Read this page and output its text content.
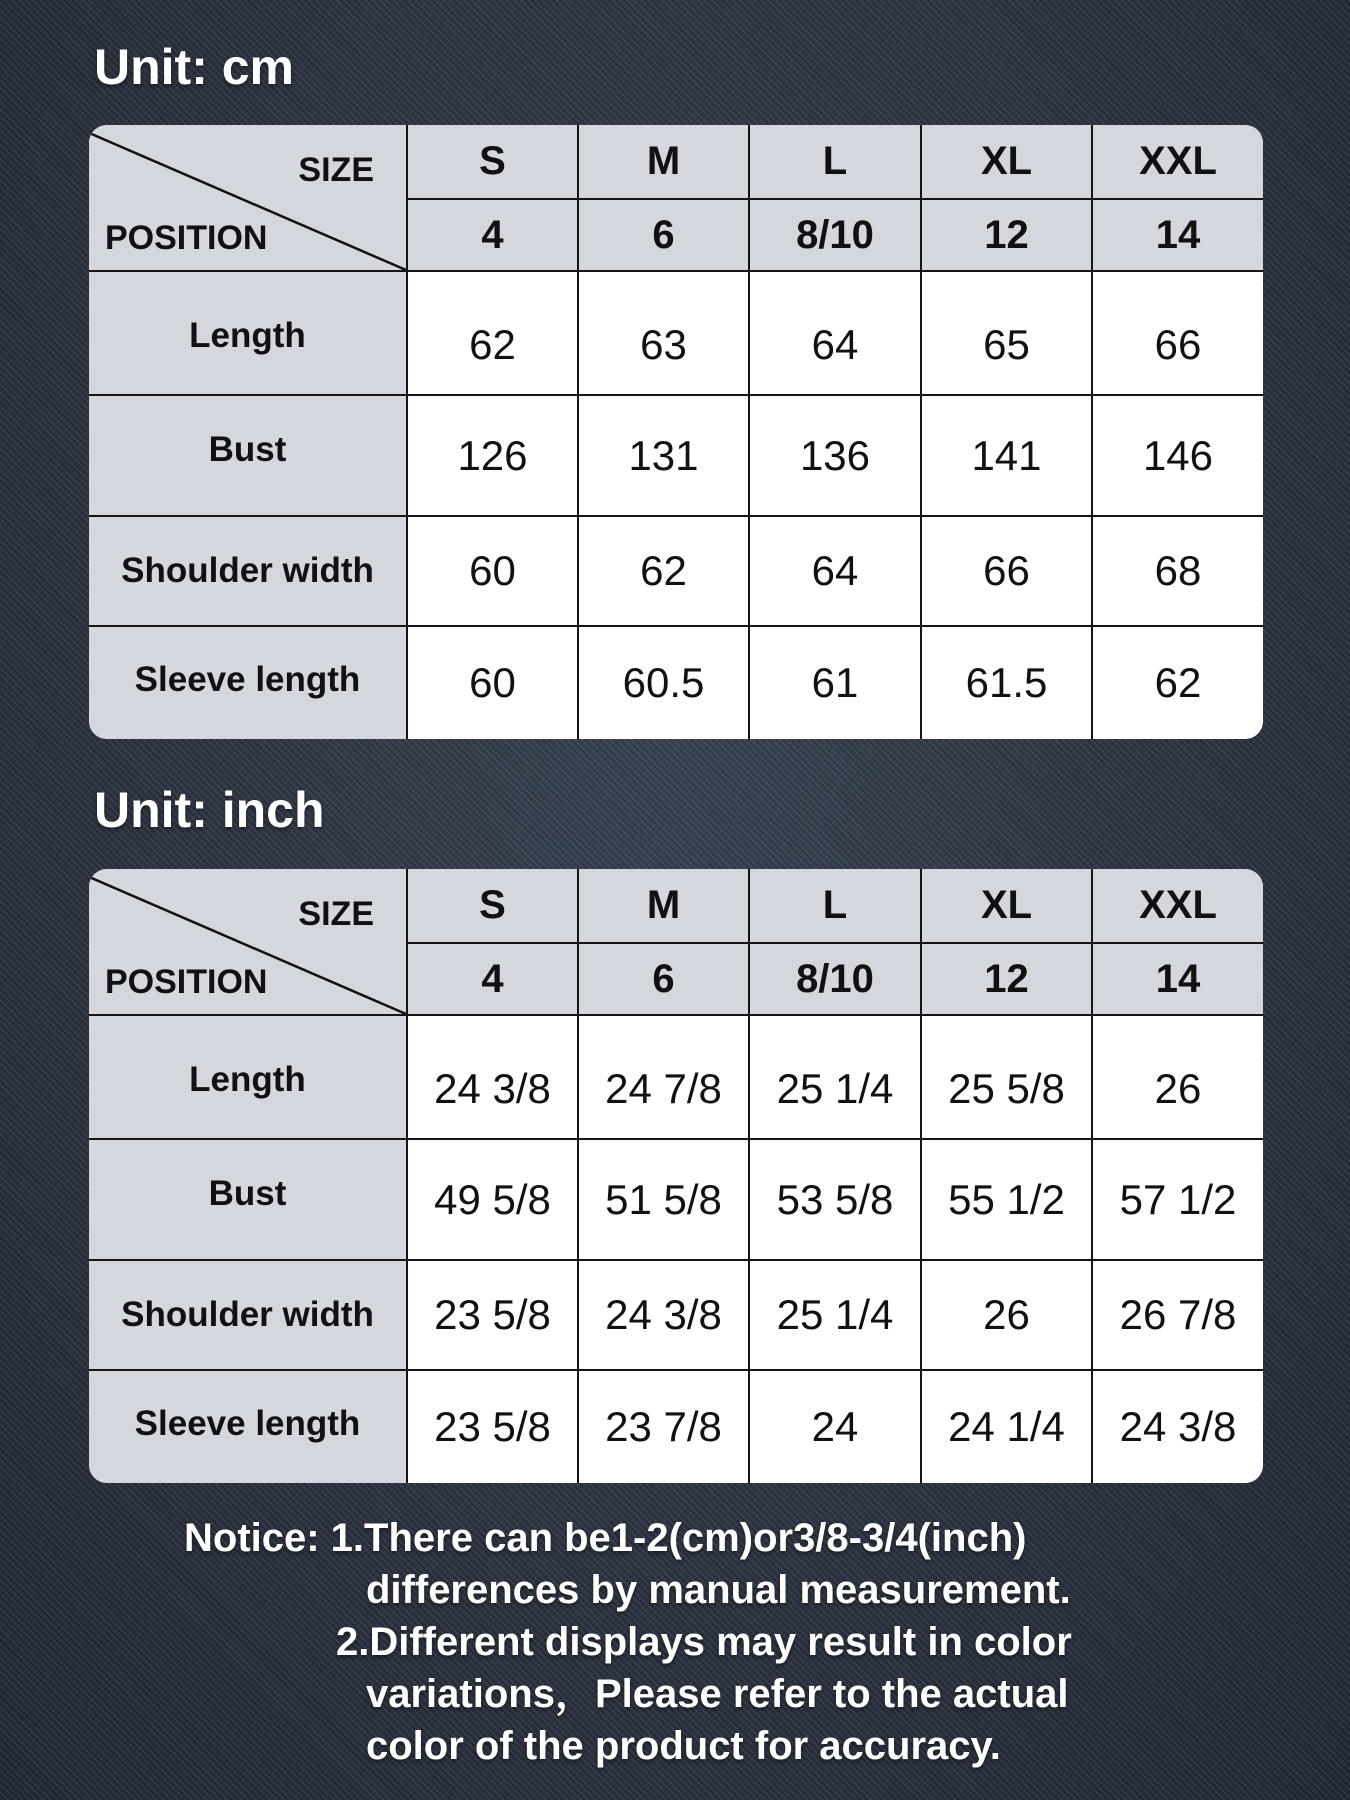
Unit: cm
SIZE
POSITION	S	M	L	XL	XXL
	4	6	8/10	12	14
Length	62	63	64	65	66
Bust	126	131	136	141	146
Shoulder width	60	62	64	66	68
Sleeve length	60	60.5	61	61.5	62
Unit: inch
SIZE
POSITION	S	M	L	XL	XXL
	4	6	8/10	12	14
Length	24 3/8	24 7/8	25 1/4	25 5/8	26
Bust	49 5/8	51 5/8	53 5/8	55 1/2	57 1/2
Shoulder width	23 5/8	24 3/8	25 1/4	26	26 7/8
Sleeve length	23 5/8	23 7/8	24	24 1/4	24 3/8
Notice: 1.There can be1-2(cm)or3/8-3/4(inch)
differences by manual measurement.
2.Different displays may result in color
variations，Please refer to the actual
color of the product for accuracy.
